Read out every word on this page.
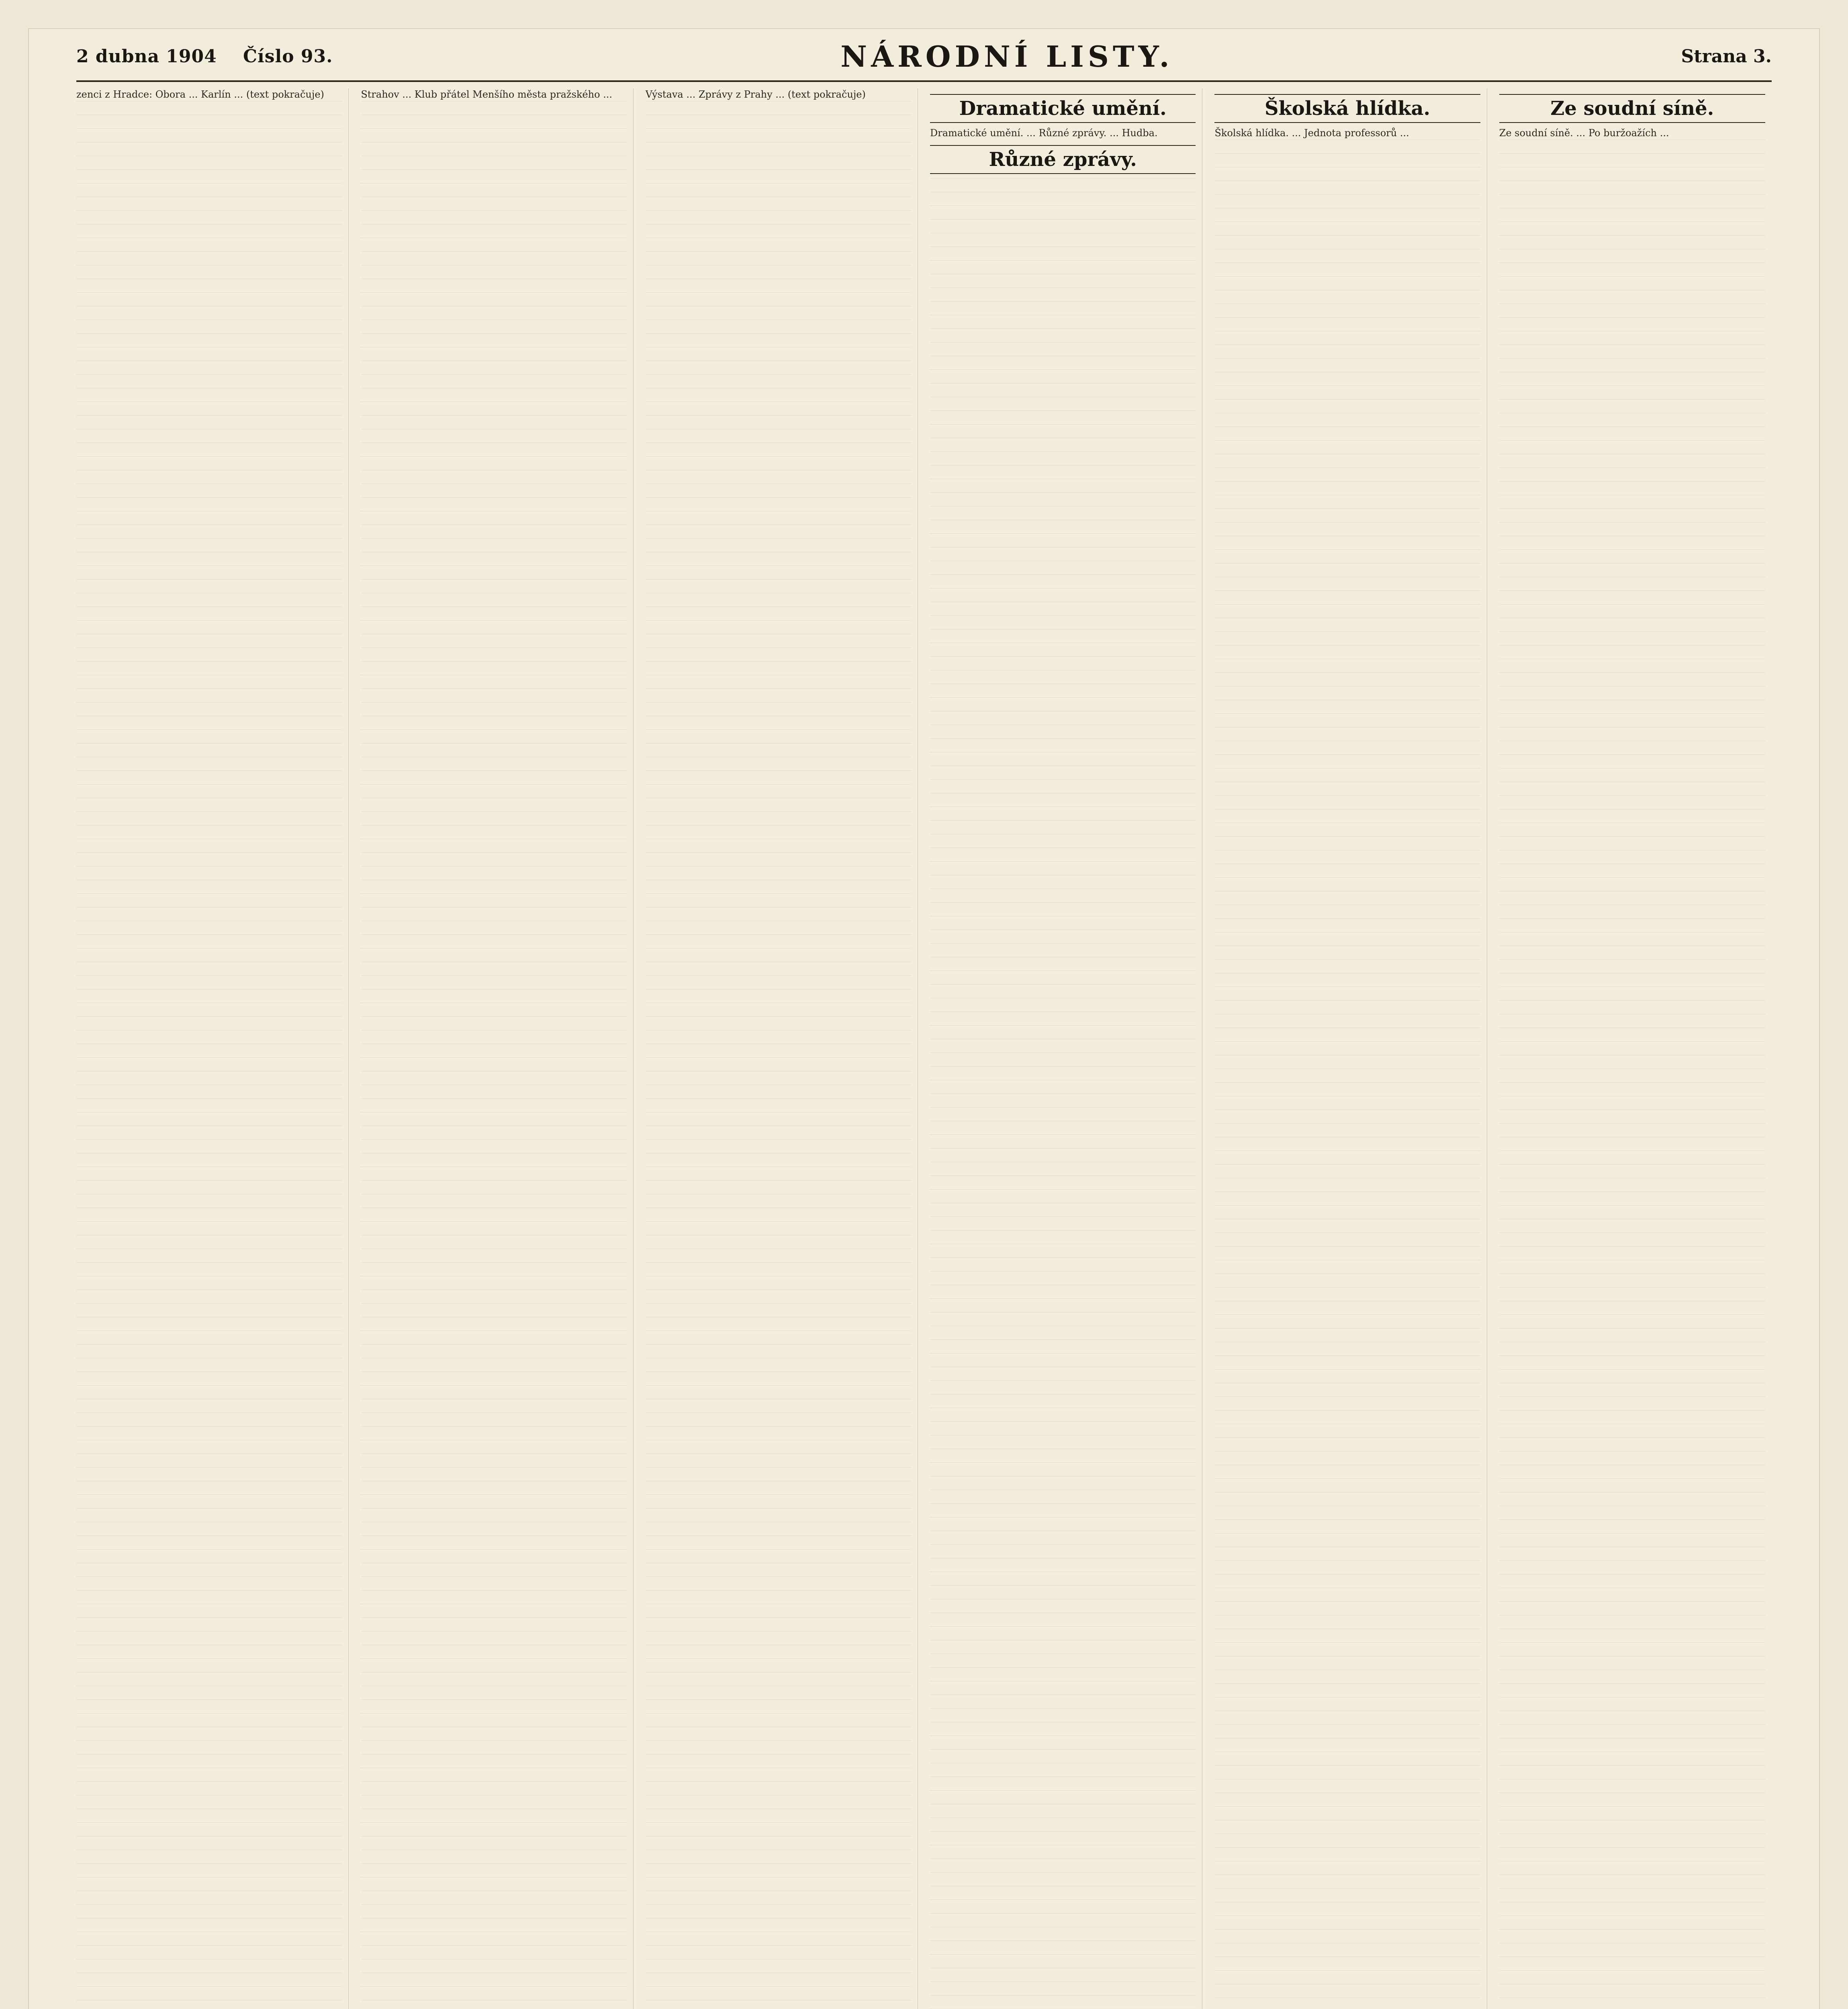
2 dubna 1904 Číslo 93.	NÁRODNÍ LISTY.	Strana 3.
zenci z Hradce: Obora ... Karlín ... (text pokračuje)	Strahov ... Klub přátel Menšího města pražského ...	Výstava ... Zprávy z Prahy ... (text pokračuje)
Dramatické umění.
Dramatické umění. ... Různé zprávy. ... Hudba.
Různé zprávy.
Školská hlídka.
Školská hlídka. ... Jednota professorů ...
Ze soudní síně.
Ze soudní síně. ... Po buržoažích ...
